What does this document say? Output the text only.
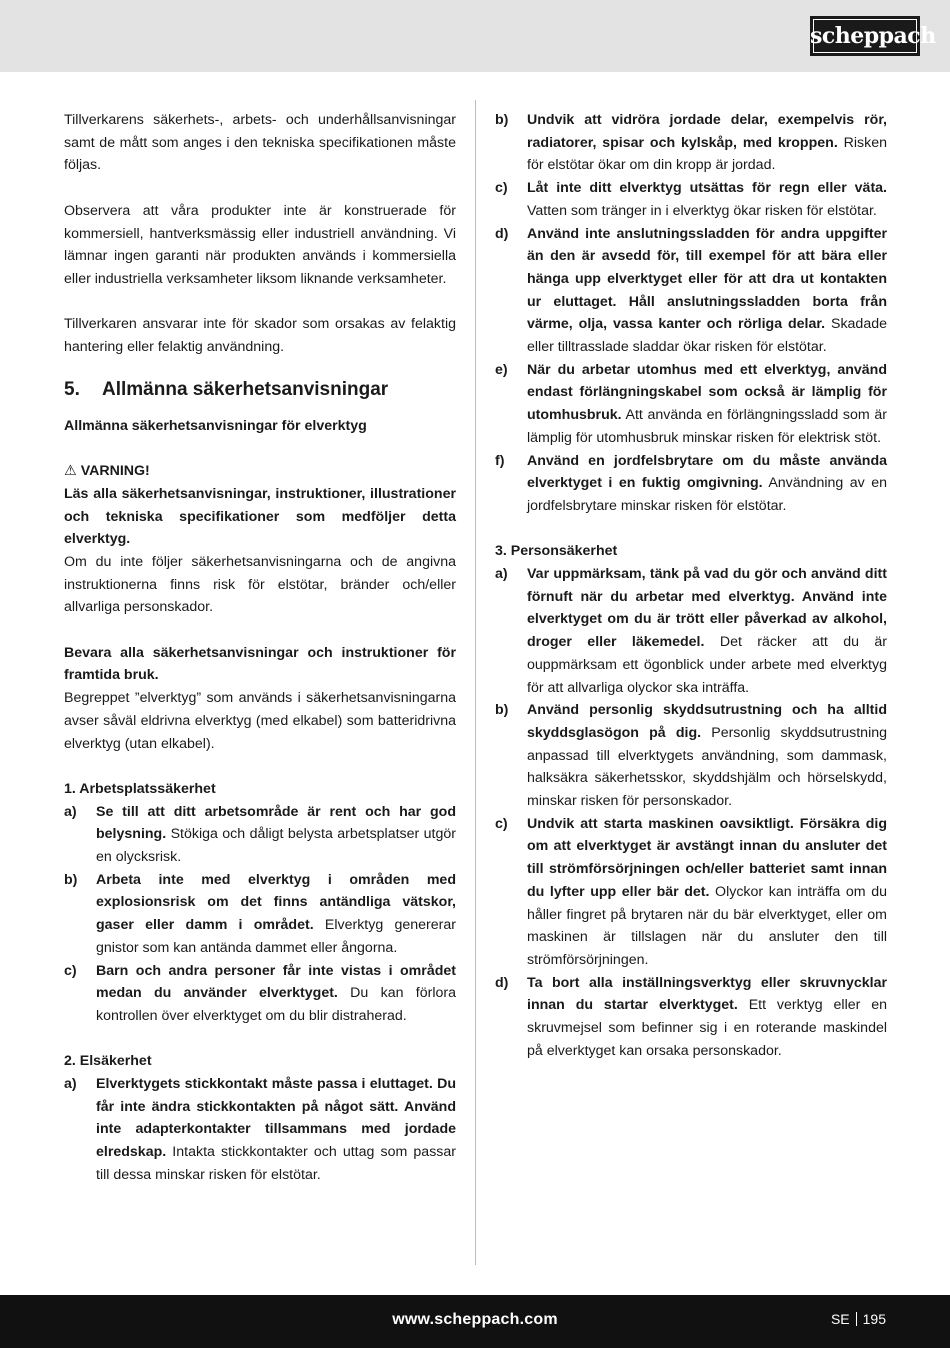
scheppach

Tillverkarens säkerhets-, arbets- och underhållsanvisningar samt de mått som anges i den tekniska specifikationen måste följas.

Observera att våra produkter inte är konstruerade för kommersiell, hantverksmässig eller industriell användning. Vi lämnar ingen garanti när produkten används i kommersiella eller industriella verksamheter liksom liknande verksamheter.

Tillverkaren ansvarar inte för skador som orsakas av felaktig hantering eller felaktig användning.

5. Allmänna säkerhetsanvisningar

Allmänna säkerhetsanvisningar för elverktyg

⚠ VARNING!

Läs alla säkerhetsanvisningar, instruktioner, illustrationer och tekniska specifikationer som medföljer detta elverktyg.

Om du inte följer säkerhetsanvisningarna och de angivna instruktionerna finns risk för elstötar, bränder och/eller allvarliga personskador.

Bevara alla säkerhetsanvisningar och instruktioner för framtida bruk.

Begreppet ”elverktyg” som används i säkerhetsanvisningarna avser såväl eldrivna elverktyg (med elkabel) som batteridrivna elverktyg (utan elkabel).

1. Arbetsplatssäkerhet

a) Se till att ditt arbetsområde är rent och har god belysning. Stökiga och dåligt belysta arbetsplatser utgör en olycksrisk.
b) Arbeta inte med elverktyg i områden med explosionsrisk om det finns antändliga vätskor, gaser eller damm i området. Elverktyg genererar gnistor som kan antända dammet eller ångorna.
c) Barn och andra personer får inte vistas i området medan du använder elverktyget. Du kan förlora kontrollen över elverktyget om du blir distraherad.

2. Elsäkerhet

a) Elverktygets stickkontakt måste passa i eluttaget. Du får inte ändra stickkontakten på något sätt. Använd inte adapterkontakter tillsammans med jordade elredskap. Intakta stickkontakter och uttag som passar till dessa minskar risken för elstötar.
b) Undvik att vidröra jordade delar, exempelvis rör, radiatorer, spisar och kylskåp, med kroppen. Risken för elstötar ökar om din kropp är jordad.
c) Låt inte ditt elverktyg utsättas för regn eller väta. Vatten som tränger in i elverktyg ökar risken för elstötar.
d) Använd inte anslutningssladden för andra uppgifter än den är avsedd för, till exempel för att bära eller hänga upp elverktyget eller för att dra ut kontakten ur eluttaget. Håll anslutningssladden borta från värme, olja, vassa kanter och rörliga delar. Skadade eller tilltrasslade sladdar ökar risken för elstötar.
e) När du arbetar utomhus med ett elverktyg, använd endast förlängningskabel som också är lämplig för utomhusbruk. Att använda en förlängningssladd som är lämplig för utomhusbruk minskar risken för elektrisk stöt.
f) Använd en jordfelsbrytare om du måste använda elverktyget i en fuktig omgivning. Användning av en jordfelsbrytare minskar risken för elstötar.

3. Personsäkerhet

a) Var uppmärksam, tänk på vad du gör och använd ditt förnuft när du arbetar med elverktyg. Använd inte elverktyget om du är trött eller påverkad av alkohol, droger eller läkemedel. Det räcker att du är ouppmärksam ett ögonblick under arbete med elverktyg för att allvarliga olyckor ska inträffa.
b) Använd personlig skyddsutrustning och ha alltid skyddsglasögon på dig. Personlig skyddsutrustning anpassad till elverktygets användning, som dammask, halksäkra säkerhetsskor, skyddshjälm och hörselskydd, minskar risken för personskador.
c) Undvik att starta maskinen oavsiktligt. Försäkra dig om att elverktyget är avstängt innan du ansluter det till strömförsörjningen och/eller batteriet samt innan du lyfter upp eller bär det. Olyckor kan inträffa om du håller fingret på brytaren när du bär elverktyget, eller om maskinen är tillslagen när du ansluter den till strömförsörjningen.
d) Ta bort alla inställningsverktyg eller skruvnycklar innan du startar elverktyget. Ett verktyg eller en skruvmejsel som befinner sig i en roterande maskindel på elverktyget kan orsaka personskador.
www.scheppach.com	SE 195
